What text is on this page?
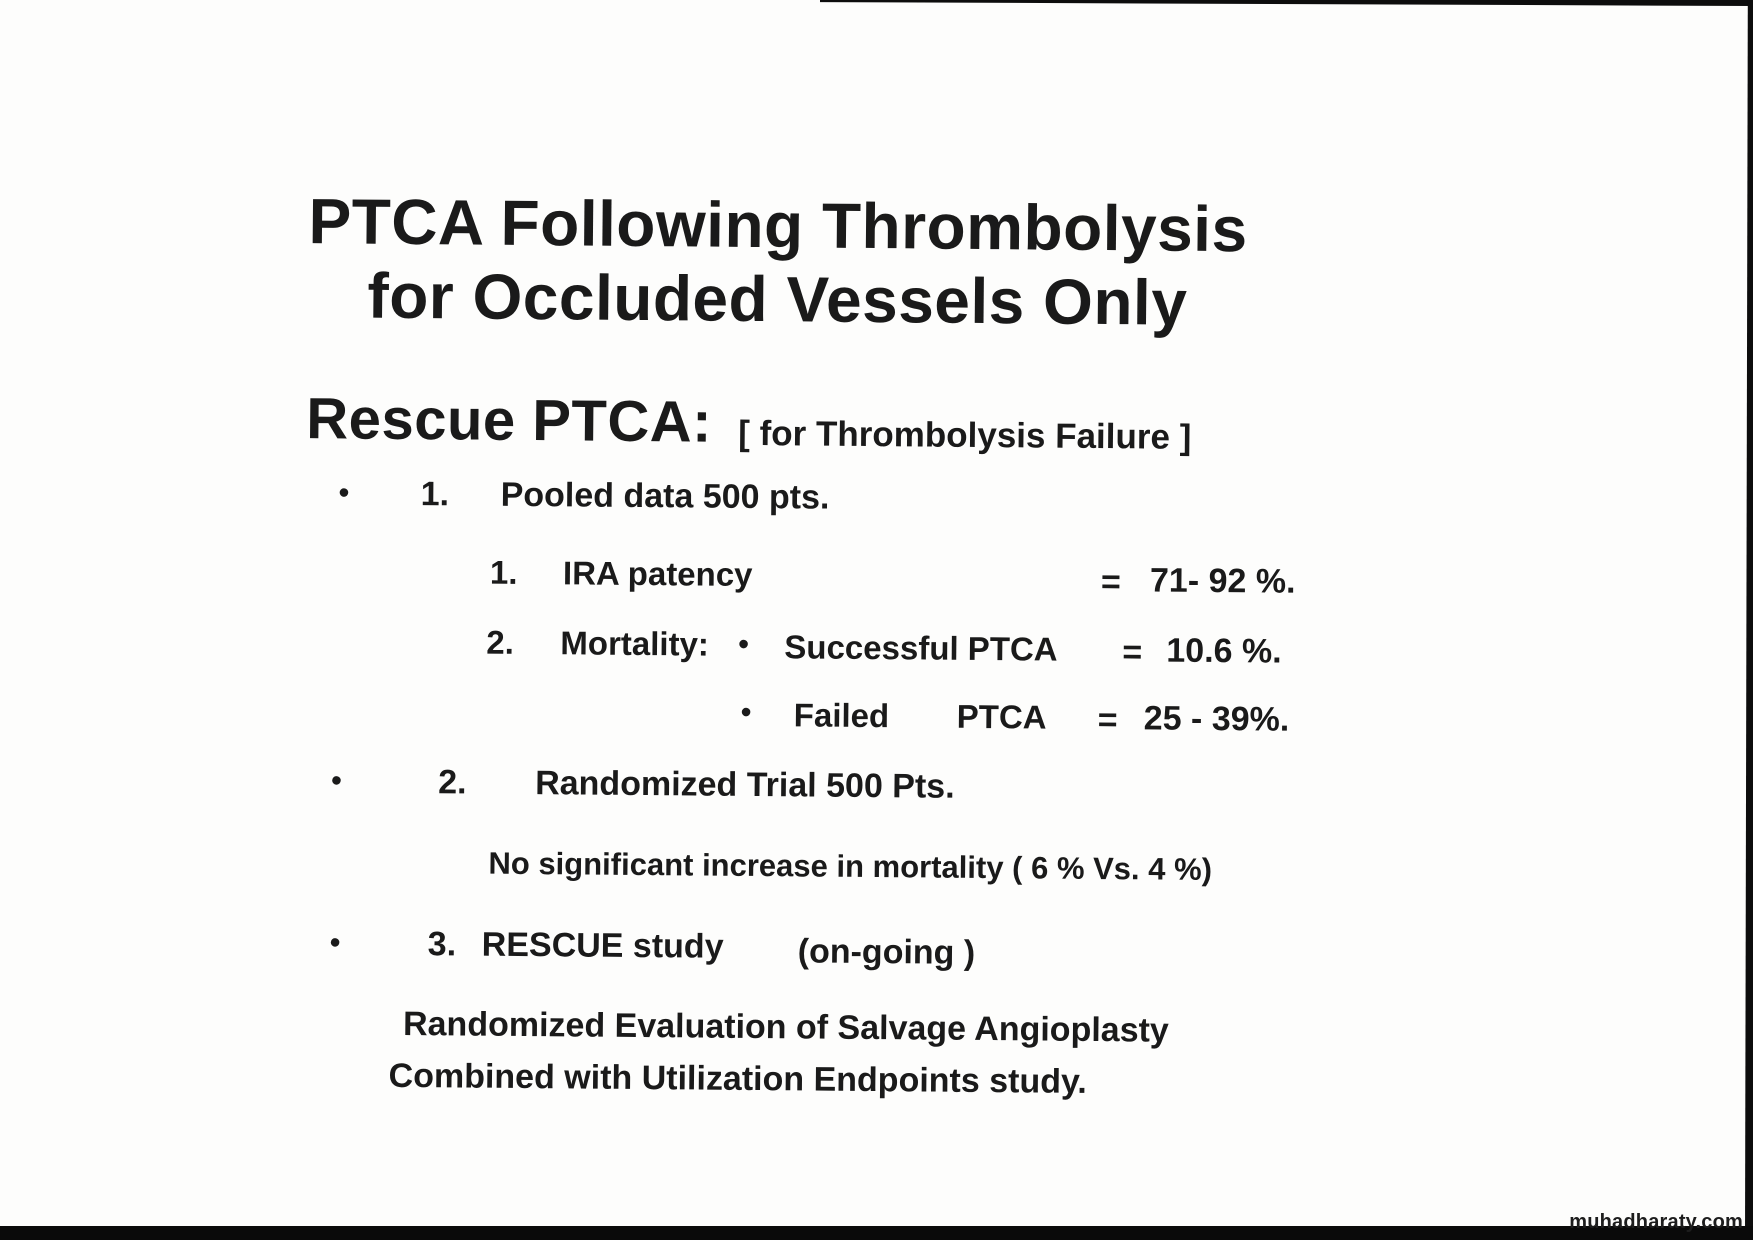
PTCA Following Thrombolysis
for Occluded Vessels Only
Rescue PTCA: [ for Thrombolysis Failure ]
• 1. Pooled data 500 pts.
1. IRA patency	= 71- 92 %.
2. Mortality: • Successful PTCA = 10.6 %.
• Failed PTCA = 25 - 39%.
•	2. Randomized Trial 500 Pts.
No significant increase in mortality ( 6 % Vs. 4 %)
•	3. RESCUE study (on-going )
Randomized Evaluation of Salvage Angioplasty
Combined with Utilization Endpoints study.
muhadharaty.com
